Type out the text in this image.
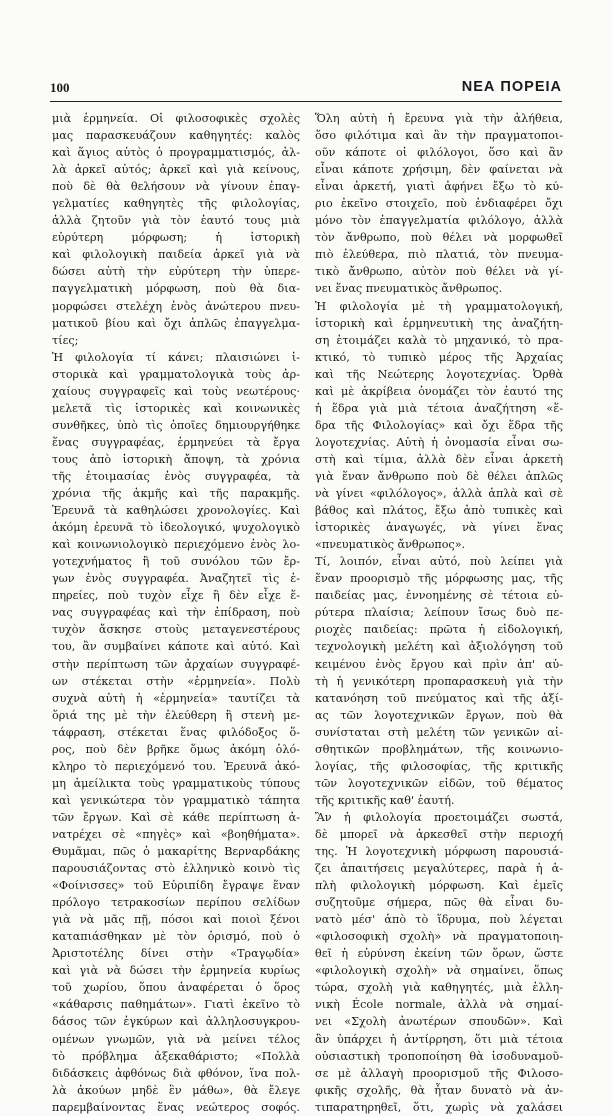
100	ΝΕΑ ΠΟΡΕΙΑ
μιὰ ἑρμηνεία. Οἱ φιλοσοφικὲς σχολὲς
μας παρασκευάζουν καθηγητές: καλὸς
καὶ ἅγιος αὐτὸς ὁ προγραμματισμός, ἀλ-
λὰ ἀρκεῖ αὐτός; ἀρκεῖ καὶ γιὰ κείνους,
ποὺ δὲ θὰ θελήσουν νὰ γίνουν ἐπαγ-
γελματίες καθηγητὲς τῆς φιλολογίας,
ἀλλὰ ζητοῦν γιὰ τὸν ἑαυτό τους μιὰ
εὐρύτερη μόρφωση; ἡ ἱστορικὴ
καὶ φιλολογικὴ παιδεία ἀρκεῖ γιὰ νὰ
δώσει αὐτὴ τὴν εὐρύτερη τὴν ὑπερε-
παγγελματικὴ μόρφωση, ποὺ θὰ δια-
μορφώσει στελέχη ἑνὸς ἀνώτερου πνευ-
ματικοῦ βίου καὶ ὄχι ἁπλῶς ἐπαγγελμα-
τίες;
Ἡ φιλολογία τί κάνει; πλαισιώνει ἱ-
στορικὰ καὶ γραμματολογικὰ τοὺς ἀρ-
χαίους συγγραφεῖς καὶ τοὺς νεωτέρους·
μελετᾶ τὶς ἱστορικὲς καὶ κοινωνικὲς
συνθῆκες, ὑπὸ τὶς ὁποῖες δημιουργήθηκε
ἕνας συγγραφέας, ἑρμηνεύει τὰ ἔργα
τους ἀπὸ ἱστορικὴ ἄποψη, τὰ χρόνια
τῆς ἑτοιμασίας ἑνὸς συγγραφέα, τὰ
χρόνια τῆς ἀκμῆς καὶ τῆς παρακμῆς.
Ἐρευνᾶ τὰ καθηλώσει χρονολογίες. Καὶ
ἀκόμη ἐρευνᾶ τὸ ἰδεολογικό, ψυχολογικὸ
καὶ κοινωνιολογικὸ περιεχόμενο ἑνὸς λο-
γοτεχνήματος ἢ τοῦ συνόλου τῶν ἔρ-
γων ἑνὸς συγγραφέα. Ἀναζητεῖ τὶς ἐ-
πηρείες, ποὺ τυχὸν εἶχε ἢ δὲν εἶχε ἕ-
νας συγγραφέας καὶ τὴν ἐπίδραση, ποὺ
τυχὸν ἄσκησε στοὺς μεταγενεστέρους
του, ἂν συμβαίνει κάποτε καὶ αὐτό. Καὶ
στὴν περίπτωση τῶν ἀρχαίων συγγραφέ-
ων στέκεται στὴν «ἑρμηνεία». Πολὺ
συχνὰ αὐτὴ ἡ «ἑρμηνεία» ταυτίζει τὰ
ὅριά της μὲ τὴν ἐλεύθερη ἢ στενὴ με-
τάφραση, στέκεται ἕνας φιλόδοξος ὅ-
ρος, ποὺ δὲν βρῆκε ὅμως ἀκόμη ὁλό-
κληρο τὸ περιεχόμενό του. Ἐρευνᾶ ἀκό-
μη ἀμείλικτα τοὺς γραμματικοὺς τύπους
καὶ γενικώτερα τὸν γραμματικὸ τάπητα
τῶν ἔργων. Καὶ σὲ κάθε περίπτωση ἀ-
νατρέχει σὲ «πηγὲς» καὶ «βοηθήματα».
Θυμᾶμαι, πῶς ὁ μακαρίτης Βερναρδάκης
παρουσιάζοντας στὸ ἑλληνικὸ κοινὸ τὶς
«Φοίνισσες» τοῦ Εὐριπίδη ἔγραψε ἕναν
πρόλογο τετρακοσίων περίπου σελίδων
γιὰ νὰ μᾶς πῇ, πόσοι καὶ ποιοὶ ξένοι
καταπιάσθηκαν μὲ τὸν ὁρισμό, ποὺ ὁ
Ἀριστοτέλης δίνει στὴν «Τραγῳδία»
καὶ γιὰ νὰ δώσει τὴν ἑρμηνεία κυρίως
τοῦ χωρίου, ὅπου ἀναφέρεται ὁ ὅρος
«κάθαρσις παθημάτων». Γιατὶ ἐκεῖνο τὸ
δάσος τῶν ἐγκύρων καὶ ἀλληλοσυγκρου-
ομένων γνωμῶν, γιὰ νὰ μείνει τέλος
τὸ πρόβλημα ἀξεκαθάριστο; «Πολλὰ
διδάσκεις ἀφθόνως διὰ φθόνον, ἵνα πολ-
λὰ ἀκούων μηδὲ ἓν μάθω», θὰ ἔλεγε
παρεμβαίνοντας ἕνας νεώτερος σοφός.
Ὅλη αὐτὴ ἡ ἔρευνα γιὰ τὴν ἀλήθεια,
ὅσο φιλότιμα καὶ ἂν τὴν πραγματοποι-
οῦν κάποτε οἱ φιλόλογοι, ὅσο καὶ ἂν
εἶναι κάποτε χρήσιμη, δὲν φαίνεται νὰ
εἶναι ἀρκετή, γιατὶ ἀφήνει ἔξω τὸ κύ-
ριο ἐκεῖνο στοιχεῖο, ποὺ ἐνδιαφέρει ὄχι
μόνο τὸν ἐπαγγελματία φιλόλογο, ἀλλὰ
τὸν ἄνθρωπο, ποὺ θέλει νὰ μορφωθεῖ
πιὸ ἐλεύθερα, πιὸ πλατιά, τὸν πνευμα-
τικὸ ἄνθρωπο, αὐτὸν ποὺ θέλει νὰ γί-
νει ἕνας πνευματικὸς ἄνθρωπος.
Ἡ φιλολογία μὲ τὴ γραμματολογική,
ἱστορικὴ καὶ ἑρμηνευτικὴ της ἀναζήτη-
ση ἑτοιμάζει καλὰ τὸ μηχανικό, τὸ πρα-
κτικό, τὸ τυπικὸ μέρος τῆς Ἀρχαίας
καὶ τῆς Νεώτερης λογοτεχνίας. Ὀρθὰ
καὶ μὲ ἀκρίβεια ὀνομάζει τὸν ἑαυτό της
ἡ ἕδρα γιὰ μιὰ τέτοια ἀναζήτηση «ἕ-
δρα τῆς Φιλολογίας» καὶ ὄχι ἕδρα τῆς
λογοτεχνίας. Αὐτὴ ἡ ὀνομασία εἶναι σω-
στὴ καὶ τίμια, ἀλλὰ δὲν εἶναι ἀρκετὴ
γιὰ ἕναν ἄνθρωπο ποὺ δὲ θέλει ἁπλῶς
νὰ γίνει «φιλόλογος», ἀλλὰ ἁπλὰ καὶ σὲ
βάθος καὶ πλάτος, ἔξω ἀπὸ τυπικὲς καὶ
ἱστορικὲς ἀναγωγές, νὰ γίνει ἕνας
«πνευματικὸς ἄνθρωπος».
Τί, λοιπόν, εἶναι αὐτό, ποὺ λείπει γιὰ
ἕναν προορισμὸ τῆς μόρφωσης μας, τῆς
παιδείας μας, ἐννοημένης σὲ τέτοια εὐ-
ρύτερα πλαίσια; λείπουν ἴσως δυὸ πε-
ριοχὲς παιδείας: πρῶτα ἡ εἰδολογική,
τεχνολογικὴ μελέτη καὶ ἀξιολόγηση τοῦ
κειμένου ἑνὸς ἔργου καὶ πρὶν ἀπ' αὐ-
τὴ ἡ γενικότερη προπαρασκευὴ γιὰ τὴν
κατανόηση τοῦ πνεύματος καὶ τῆς ἀξί-
ας τῶν λογοτεχνικῶν ἔργων, ποὺ θὰ
συνίσταται στὴ μελέτη τῶν γενικῶν αἰ-
σθητικῶν προβλημάτων, τῆς κοινωνιο-
λογίας, τῆς φιλοσοφίας, τῆς κριτικῆς
τῶν λογοτεχνικῶν εἰδῶν, τοῦ θέματος
τῆς κριτικῆς καθ' ἑαυτή.
Ἂν ἡ φιλολογία προετοιμάζει σωστά,
δὲ μπορεῖ νὰ ἀρκεσθεῖ στὴν περιοχή
της. Ἡ λογοτεχνικὴ μόρφωση παρουσιά-
ζει ἀπαιτήσεις μεγαλύτερες, παρὰ ἡ ἁ-
πλὴ φιλολογικὴ μόρφωση. Καὶ ἐμεῖς
συζητοῦμε σήμερα, πῶς θὰ εἶναι δυ-
νατὸ μέσ' ἀπὸ τὸ ἵδρυμα, ποὺ λέγεται
«φιλοσοφικὴ σχολὴ» νὰ πραγματοποιη-
θεῖ ἡ εὐρύνση ἐκείνη τῶν ὅρων, ὥστε
«φιλολογικὴ σχολὴ» νὰ σημαίνει, ὅπως
τώρα, σχολὴ γιὰ καθηγητές, μιὰ ἑλλη-
νικὴ École normale, ἀλλὰ νὰ σημαί-
νει «Σχολὴ ἀνωτέρων σπουδῶν». Καὶ
ἂν ὑπάρχει ἡ ἀντίρρηση, ὅτι μιὰ τέτοια
οὐσιαστικὴ τροποποίηση θὰ ἰσοδυναμοῦ-
σε μὲ ἀλλαγὴ προορισμοῦ τῆς Φιλοσο-
φικῆς σχολῆς, θὰ ἦταν δυνατὸ νὰ ἀν-
τιπαρατηρηθεῖ, ὅτι, χωρὶς νὰ χαλάσει
